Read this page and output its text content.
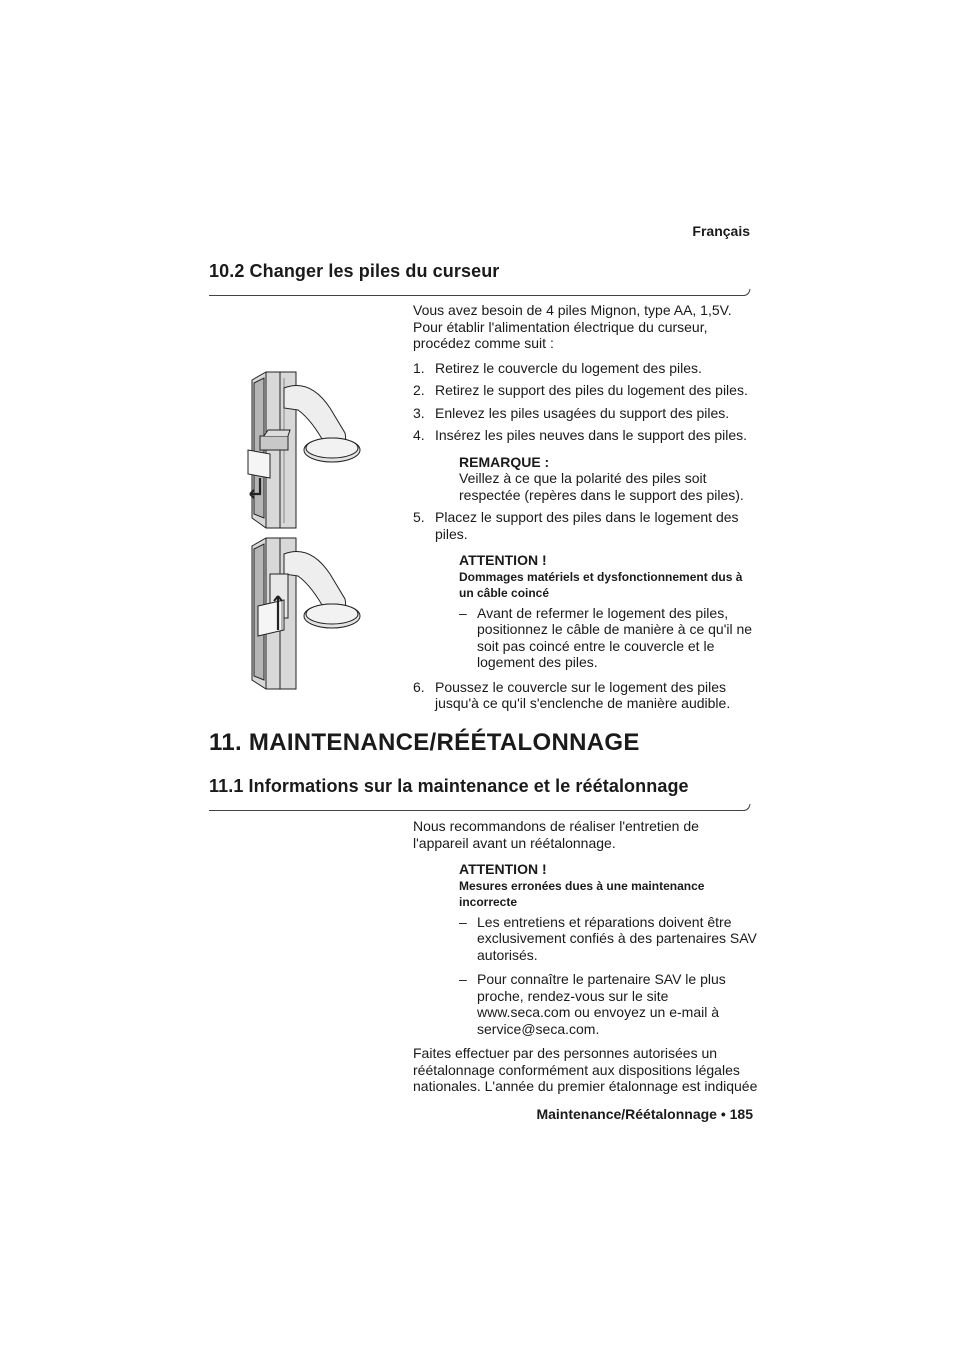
Français
10.2 Changer les piles du curseur

Vous avez besoin de 4 piles Mignon, type AA, 1,5V. Pour établir l'alimentation électrique du curseur, procédez comme suit :

1. Retirez le couvercle du logement des piles.
2. Retirez le support des piles du logement des piles.
3. Enlevez les piles usagées du support des piles.
4. Insérez les piles neuves dans le support des piles.
REMARQUE :
Veillez à ce que la polarité des piles soit respectée (repères dans le support des piles).
5. Placez le support des piles dans le logement des piles.
ATTENTION !
Dommages matériels et dysfonctionnement dus à un câble coincé
– Avant de refermer le logement des piles, positionnez le câble de manière à ce qu'il ne soit pas coincé entre le couvercle et le logement des piles.
6. Poussez le couvercle sur le logement des piles jusqu'à ce qu'il s'enclenche de manière audible.
11. MAINTENANCE/RÉÉTALONNAGE
11.1 Informations sur la maintenance et le réétalonnage

Nous recommandons de réaliser l'entretien de l'appareil avant un réétalonnage.

ATTENTION !
Mesures erronées dues à une maintenance incorrecte
– Les entretiens et réparations doivent être exclusivement confiés à des partenaires SAV autorisés.
– Pour connaître le partenaire SAV le plus proche, rendez-vous sur le site www.seca.com ou envoyez un e-mail à service@seca.com.

Faites effectuer par des personnes autorisées un réétalonnage conformément aux dispositions légales nationales. L'année du premier étalonnage est indiquée

Maintenance/Réétalonnage • 185
